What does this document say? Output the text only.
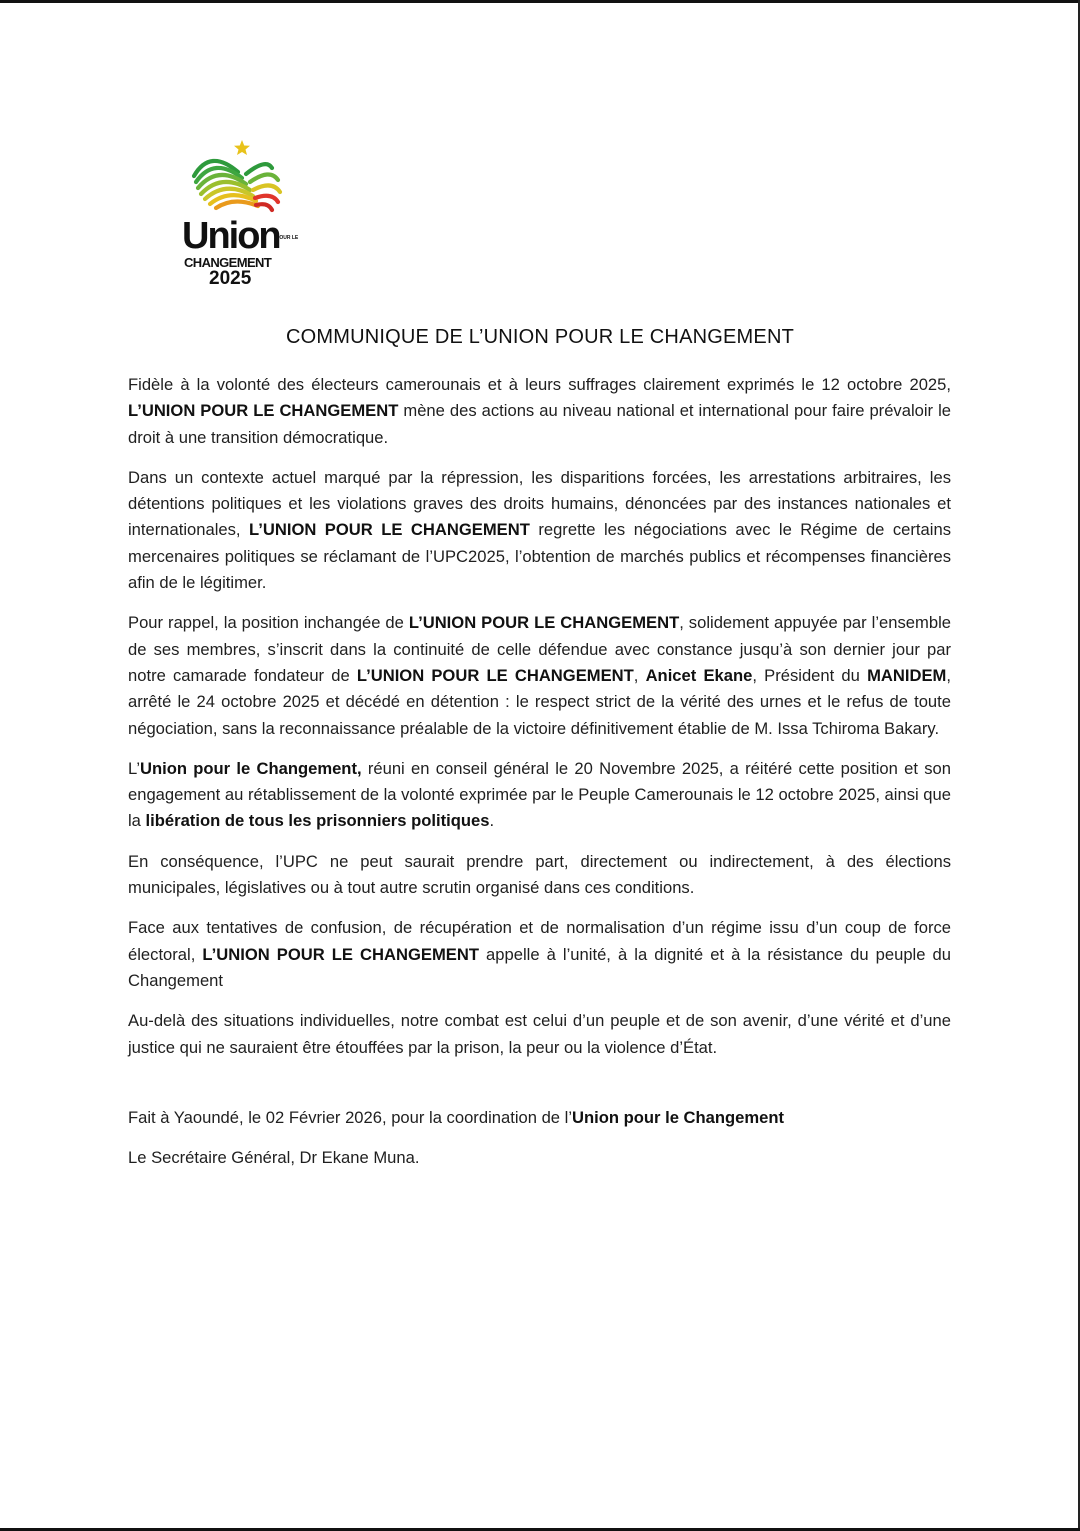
Union
POUR LE
CHANGEMENT
2025
COMMUNIQUE DE L’UNION POUR LE CHANGEMENT

Fidèle à la volonté des électeurs camerounais et à leurs suffrages clairement exprimés le 12 octobre 2025, L’UNION POUR LE CHANGEMENT mène des actions au niveau national et international pour faire prévaloir le droit à une transition démocratique.

Dans un contexte actuel marqué par la répression, les disparitions forcées, les arrestations arbitraires, les détentions politiques et les violations graves des droits humains, dénoncées par des instances nationales et internationales, L’UNION POUR LE CHANGEMENT regrette les négociations avec le Régime de certains mercenaires politiques se réclamant de l’UPC2025, l’obtention de marchés publics et récompenses financières afin de le légitimer.

Pour rappel, la position inchangée de L’UNION POUR LE CHANGEMENT, solidement appuyée par l’ensemble de ses membres, s’inscrit dans la continuité de celle défendue avec constance jusqu’à son dernier jour par notre camarade fondateur de L’UNION POUR LE CHANGEMENT, Anicet Ekane, Président du MANIDEM, arrêté le 24 octobre 2025 et décédé en détention : le respect strict de la vérité des urnes et le refus de toute négociation, sans la reconnaissance préalable de la victoire définitivement établie de M. Issa Tchiroma Bakary.

L’Union pour le Changement, réuni en conseil général le 20 Novembre 2025, a réitéré cette position et son engagement au rétablissement de la volonté exprimée par le Peuple Camerounais le 12 octobre 2025, ainsi que la libération de tous les prisonniers politiques.

En conséquence, l’UPC ne peut saurait prendre part, directement ou indirectement, à des élections municipales, législatives ou à tout autre scrutin organisé dans ces conditions.

Face aux tentatives de confusion, de récupération et de normalisation d’un régime issu d’un coup de force électoral, L’UNION POUR LE CHANGEMENT appelle à l’unité, à la dignité et à la résistance du peuple du Changement

Au-delà des situations individuelles, notre combat est celui d’un peuple et de son avenir, d’une vérité et d’une justice qui ne sauraient être étouffées par la prison, la peur ou la violence d’État.

Fait à Yaoundé, le 02 Février 2026, pour la coordination de l’Union pour le Changement

Le Secrétaire Général, Dr Ekane Muna.
